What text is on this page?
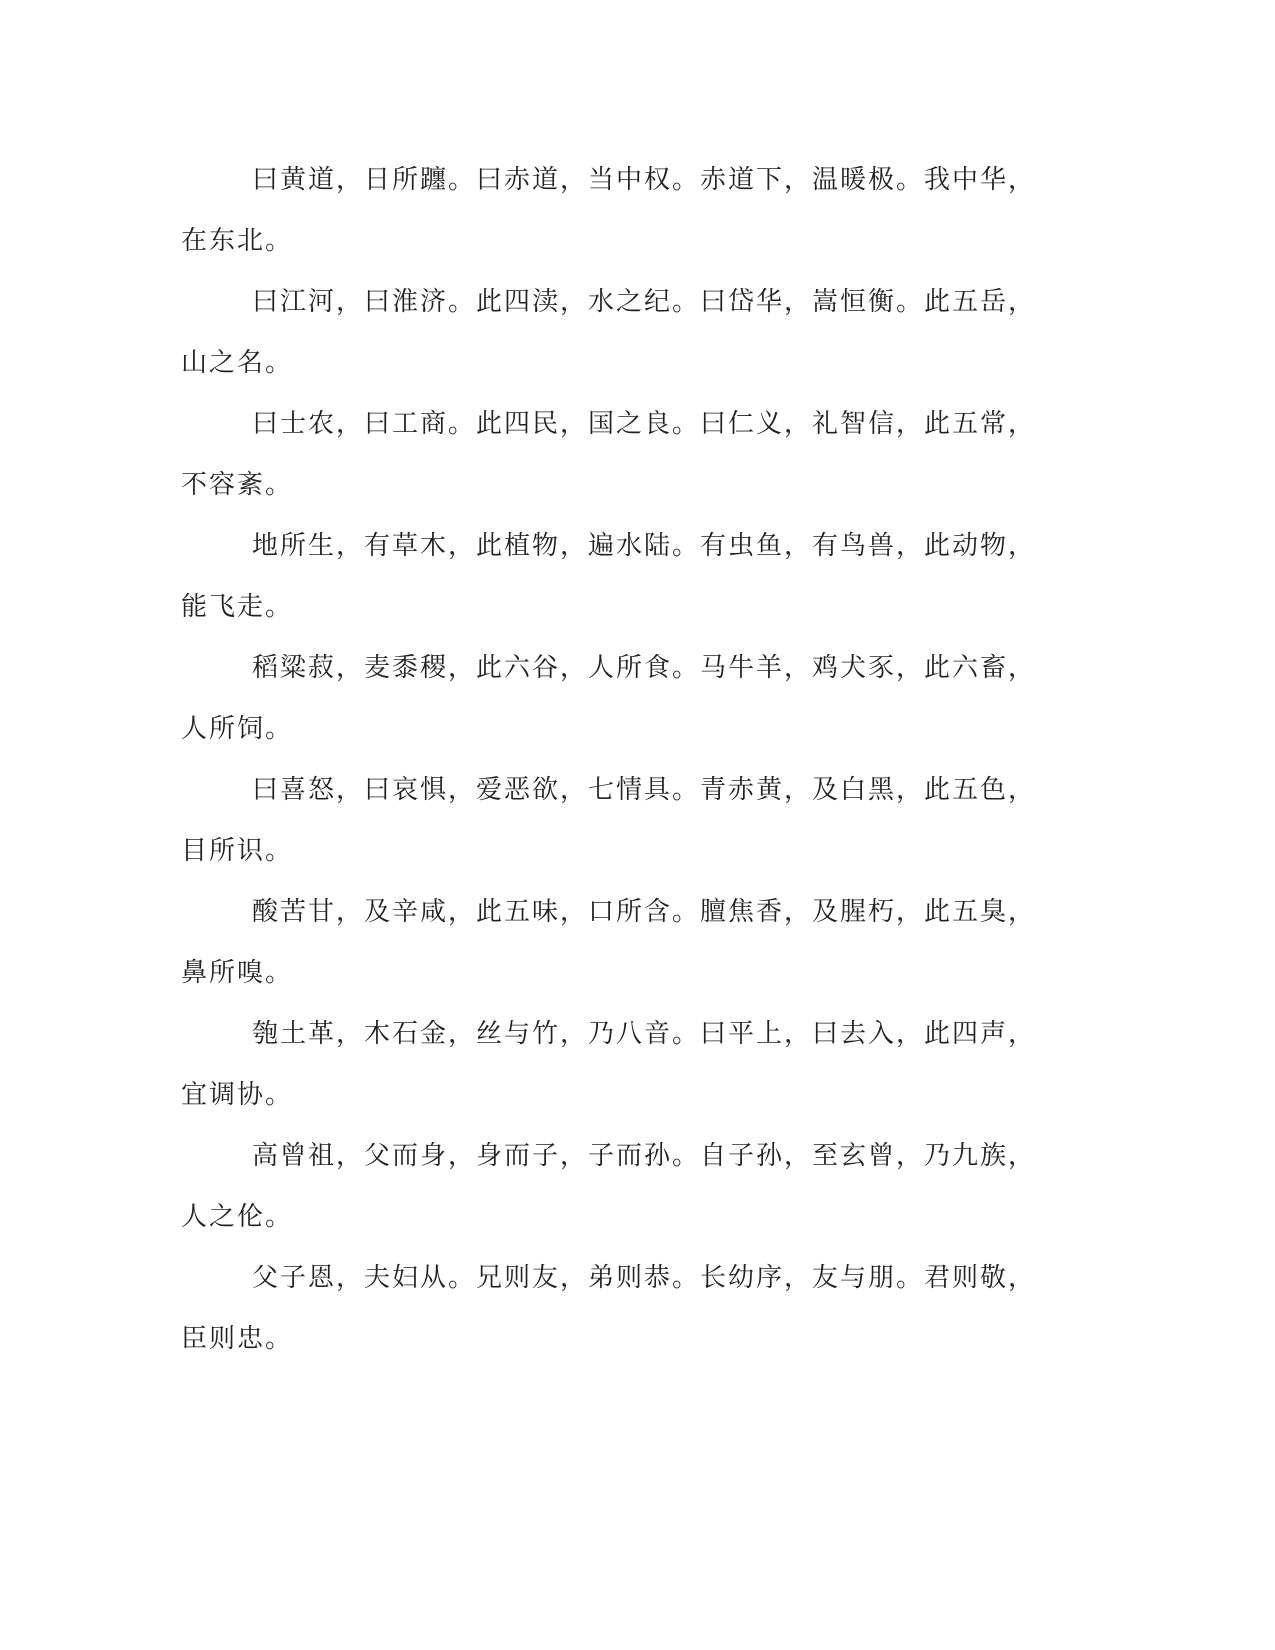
曰黄道，日所躔。曰赤道，当中权。赤道下，温暖极。我中华，
在东北。
曰江河，曰淮济。此四渎，水之纪。曰岱华，嵩恒衡。此五岳，
山之名。
曰士农，曰工商。此四民，国之良。曰仁义，礼智信，此五常，
不容紊。
地所生，有草木，此植物，遍水陆。有虫鱼，有鸟兽，此动物，
能飞走。
稻粱菽，麦黍稷，此六谷，人所食。马牛羊，鸡犬豕，此六畜，
人所饲。
曰喜怒，曰哀惧，爱恶欲，七情具。青赤黄，及白黑，此五色，
目所识。
酸苦甘，及辛咸，此五味，口所含。膻焦香，及腥朽，此五臭，
鼻所嗅。
匏土革，木石金，丝与竹，乃八音。曰平上，曰去入，此四声，
宜调协。
高曾祖，父而身，身而子，子而孙。自子孙，至玄曾，乃九族，
人之伦。
父子恩，夫妇从。兄则友，弟则恭。长幼序，友与朋。君则敬，
臣则忠。
